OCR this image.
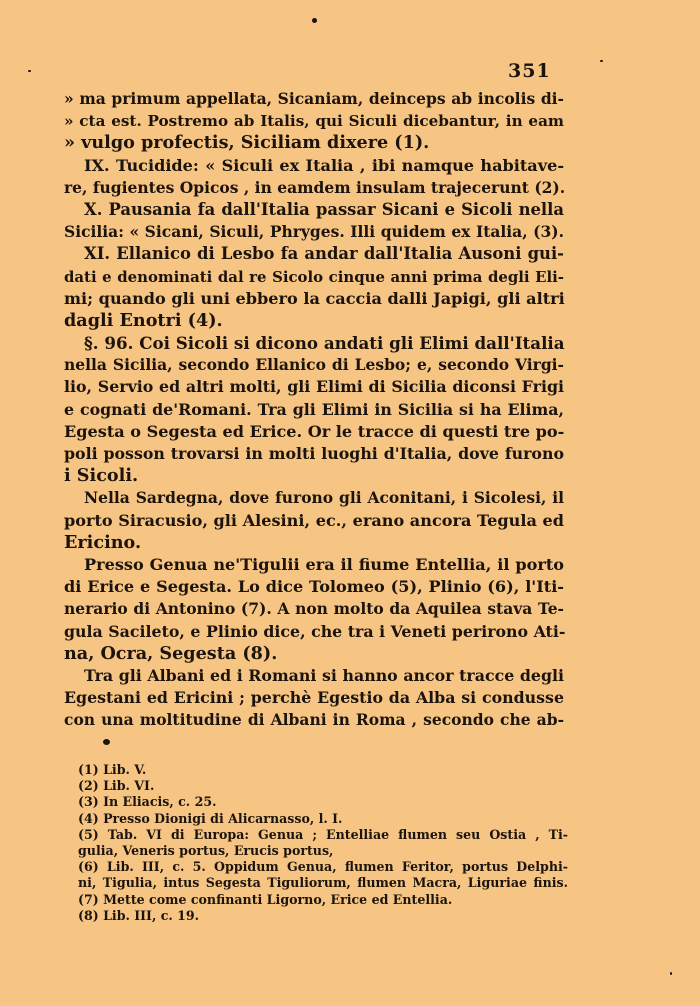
351
» ma primum appellata, Sicaniam, deinceps ab incolis di-
» cta est. Postremo ab Italis, qui Siculi dicebantur, in eam
» vulgo profectis, Siciliam dixere (1).
IX. Tucidide: « Siculi ex Italia , ibi namque habitave-
re, fugientes Opicos , in eamdem insulam trajecerunt (2).
X. Pausania fa dall'Italia passar Sicani e Sicoli nella
Sicilia: « Sicani, Siculi, Phryges. Illi quidem ex Italia, (3).
XI. Ellanico di Lesbo fa andar dall'Italia Ausoni gui-
dati e denominati dal re Sicolo cinque anni prima degli Eli-
mi; quando gli uni ebbero la caccia dalli Japigi, gli altri
dagli Enotri (4).
§. 96. Coi Sicoli si dicono andati gli Elimi dall'Italia
nella Sicilia, secondo Ellanico di Lesbo; e, secondo Virgi-
lio, Servio ed altri molti, gli Elimi di Sicilia diconsi Frigi
e cognati de'Romani. Tra gli Elimi in Sicilia si ha Elima,
Egesta o Segesta ed Erice. Or le tracce di questi tre po-
poli posson trovarsi in molti luoghi d'Italia, dove furono
i Sicoli.
Nella Sardegna, dove furono gli Aconitani, i Sicolesi, il
porto Siracusio, gli Alesini, ec., erano ancora Tegula ed
Ericino.
Presso Genua ne'Tigulii era il fiume Entellia, il porto
di Erice e Segesta. Lo dice Tolomeo (5), Plinio (6), l'Iti-
nerario di Antonino (7). A non molto da Aquilea stava Te-
gula Sacileto, e Plinio dice, che tra i Veneti perirono Ati-
na, Ocra, Segesta (8).
Tra gli Albani ed i Romani si hanno ancor tracce degli
Egestani ed Ericini ; perchè Egestio da Alba si condusse
con una moltitudine di Albani in Roma , secondo che ab-
(1) Lib. V.
(2) Lib. VI.
(3) In Eliacis, c. 25.
(4) Presso Dionigi di Alicarnasso, l. I.
(5) Tab. VI di Europa: Genua ; Entelliae flumen seu Ostia , Ti-
gulia, Veneris portus, Erucis portus,
(6) Lib. III, c. 5. Oppidum Genua, flumen Feritor, portus Delphi-
ni, Tigulia, intus Segesta Tiguliorum, flumen Macra, Liguriae finis.
(7) Mette come confinanti Ligorno, Erice ed Entellia.
(8) Lib. III, c. 19.
